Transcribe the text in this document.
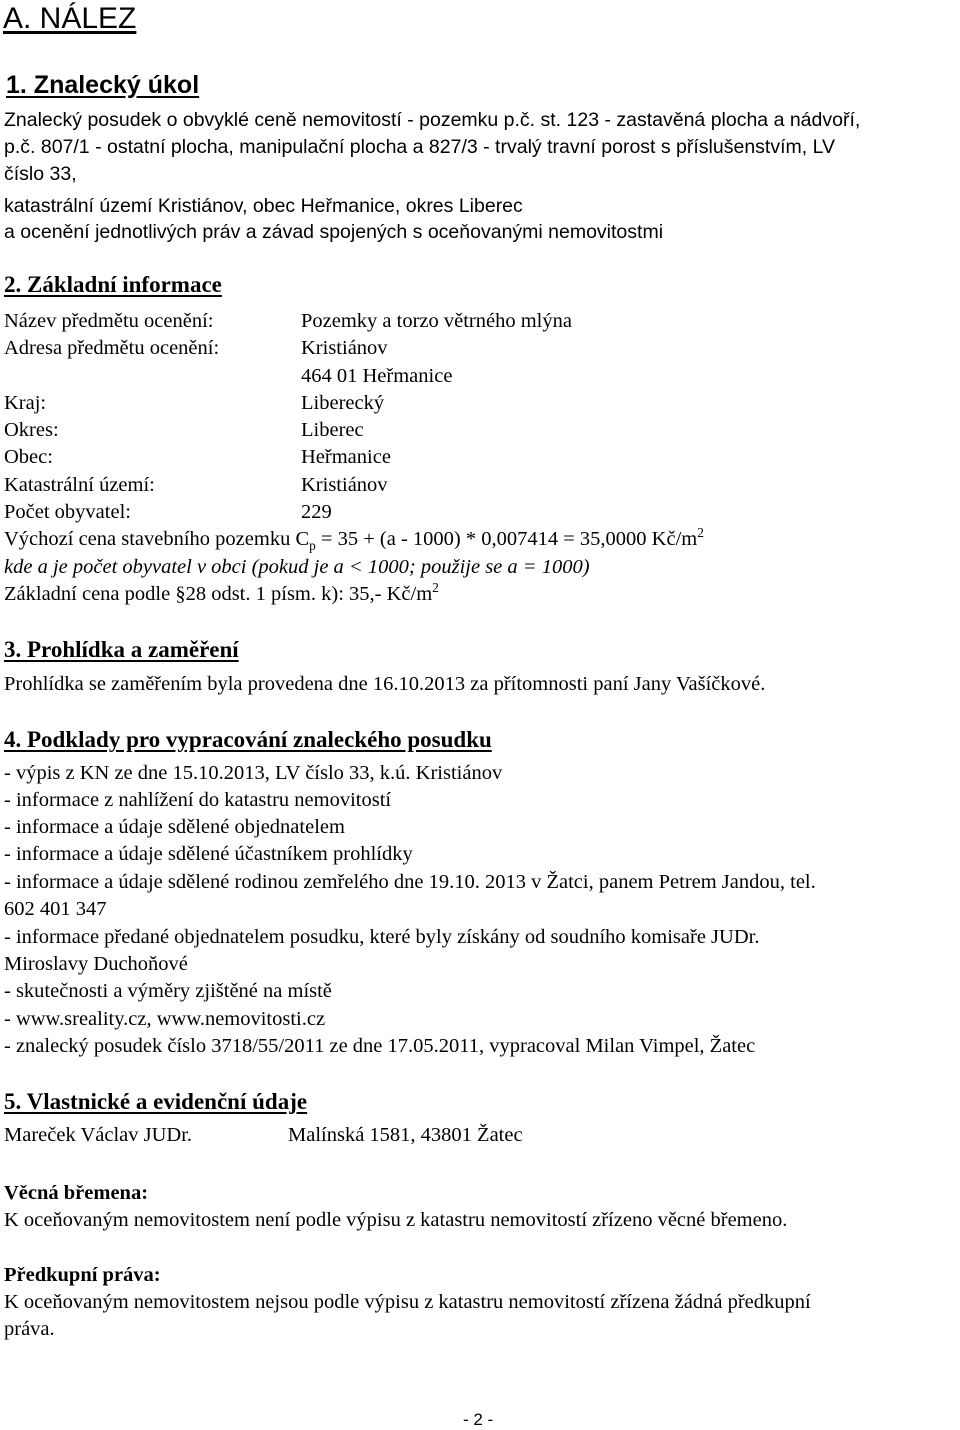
A. NÁLEZ
1. Znalecký úkol
Znalecký posudek o obvyklé ceně nemovitostí - pozemku p.č. st. 123 - zastavěná plocha a nádvoří,
p.č. 807/1 - ostatní plocha, manipulační plocha a 827/3 - trvalý travní porost s příslušenstvím, LV
číslo 33,
katastrální území Kristiánov, obec Heřmanice, okres Liberec
a ocenění jednotlivých práv a závad spojených s oceňovanými nemovitostmi
2. Základní informace
Název předmětu ocenění:	Pozemky a torzo větrného mlýna
Adresa předmětu ocenění:	Kristiánov
464 01 Heřmanice
Kraj:	Liberecký
Okres:	Liberec
Obec:	Heřmanice
Katastrální území:	Kristiánov
Počet obyvatel:	229
Výchozí cena stavebního pozemku $C_p = 35 + (a - 1000) * 0,007414 = 35,0000$ $Kč/m^2$
kde a je počet obyvatel v obci (pokud je a < 1000; použije se a = 1000)
Základní cena podle §28 odst. 1 písm. k): 35,- $Kč/m^2$
3. Prohlídka a zaměření
Prohlídka se zaměřením byla provedena dne 16.10.2013 za přítomnosti paní Jany Vašíčkové.
4. Podklady pro vypracování znaleckého posudku
- výpis z KN ze dne 15.10.2013, LV číslo 33, k.ú. Kristiánov
- informace z nahlížení do katastru nemovitostí
- informace a údaje sdělené objednatelem
- informace a údaje sdělené účastníkem prohlídky
- informace a údaje sdělené rodinou zemřelého dne 19.10. 2013 v Žatci, panem Petrem Jandou, tel.
602 401 347
- informace předané objednatelem posudku, které byly získány od soudního komisaře JUDr.
Miroslavy Duchoňové
- skutečnosti a výměry zjištěné na místě
- www.sreality.cz, www.nemovitosti.cz
- znalecký posudek číslo 3718/55/2011 ze dne 17.05.2011, vypracoval Milan Vimpel, Žatec
5. Vlastnické a evidenční údaje
Mareček Václav JUDr.	Malínská 1581, 43801 Žatec
Věcná břemena:
K oceňovaným nemovitostem není podle výpisu z katastru nemovitostí zřízeno věcné břemeno.
Předkupní práva:
K oceňovaným nemovitostem nejsou podle výpisu z katastru nemovitostí zřízena žádná předkupní
práva.
- 2 -
